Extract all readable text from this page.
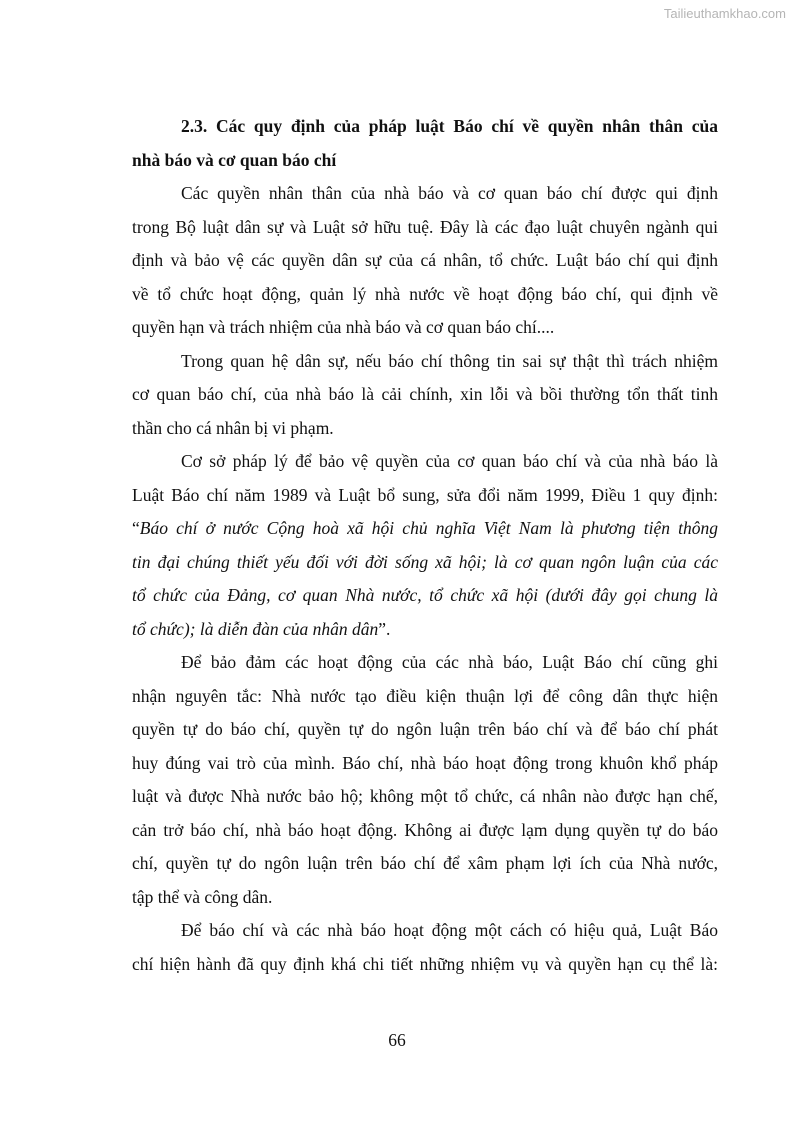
Tailieuthamkhao.com
2.3. Các quy định của pháp luật Báo chí về quyền nhân thân của
nhà báo và cơ quan báo chí
Các quyền nhân thân của nhà báo và cơ quan báo chí được qui định
trong Bộ luật dân sự và Luật sở hữu tuệ. Đây là các đạo luật chuyên ngành qui
định và bảo vệ các quyền dân sự của cá nhân, tổ chức. Luật báo chí qui định
về tổ chức hoạt động, quản lý nhà nước về hoạt động báo chí, qui định về
quyền hạn và trách nhiệm của nhà báo và cơ quan báo chí....
Trong quan hệ dân sự, nếu báo chí thông tin sai sự thật thì trách nhiệm
cơ quan báo chí, của nhà báo là cải chính, xin lỗi và bồi thường tổn thất tinh
thần cho cá nhân bị vi phạm.
Cơ sở pháp lý để bảo vệ quyền của cơ quan báo chí và của nhà báo là
Luật Báo chí năm 1989 và Luật bổ sung, sửa đổi năm 1999, Điều 1 quy định:
“Báo chí ở nước Cộng hoà xã hội chủ nghĩa Việt Nam là phương tiện thông
tin đại chúng thiết yếu đối với đời sống xã hội; là cơ quan ngôn luận của các
tổ chức của Đảng, cơ quan Nhà nước, tổ chức xã hội (dưới đây gọi chung là
tổ chức); là diễn đàn của nhân dân”.
Để bảo đảm các hoạt động của các nhà báo, Luật Báo chí cũng ghi
nhận nguyên tắc: Nhà nước tạo điều kiện thuận lợi để công dân thực hiện
quyền tự do báo chí, quyền tự do ngôn luận trên báo chí và để báo chí phát
huy đúng vai trò của mình. Báo chí, nhà báo hoạt động trong khuôn khổ pháp
luật và được Nhà nước bảo hộ; không một tổ chức, cá nhân nào được hạn chế,
cản trở báo chí, nhà báo hoạt động. Không ai được lạm dụng quyền tự do báo
chí, quyền tự do ngôn luận trên báo chí để xâm phạm lợi ích của Nhà nước,
tập thể và công dân.
Để báo chí và các nhà báo hoạt động một cách có hiệu quả, Luật Báo
chí hiện hành đã quy định khá chi tiết những nhiệm vụ và quyền hạn cụ thể là:
66
